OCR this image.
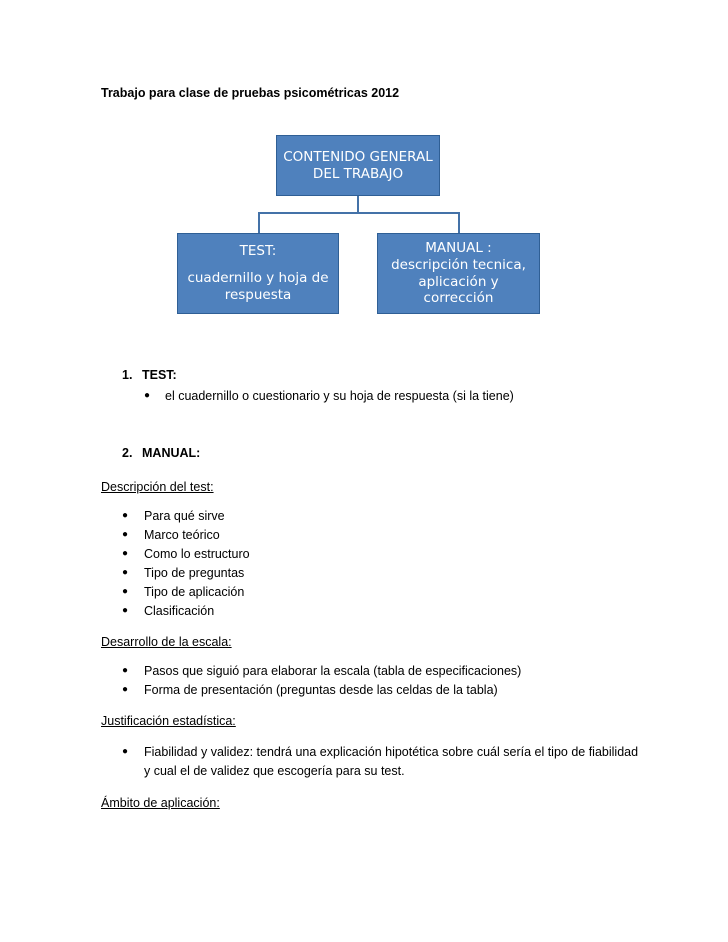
Trabajo para clase de pruebas psicométricas 2012
CONTENIDO GENERAL
DEL TRABAJO
TEST:
cuadernillo y hoja de
respuesta
MANUAL :
descripción tecnica,
aplicación y
corrección
1. TEST:
● el cuadernillo o cuestionario y su hoja de respuesta (si la tiene)
2. MANUAL:
Descripción del test:
● Para qué sirve
● Marco teórico
● Como lo estructuro
● Tipo de preguntas
● Tipo de aplicación
● Clasificación
Desarrollo de la escala:
● Pasos que siguió para elaborar la escala (tabla de especificaciones)
● Forma de presentación (preguntas desde las celdas de la tabla)
Justificación estadística:
● Fiabilidad y validez: tendrá una explicación hipotética sobre cuál sería el tipo de fiabilidad
y cual el de validez que escogería para su test.
Ámbito de aplicación:
